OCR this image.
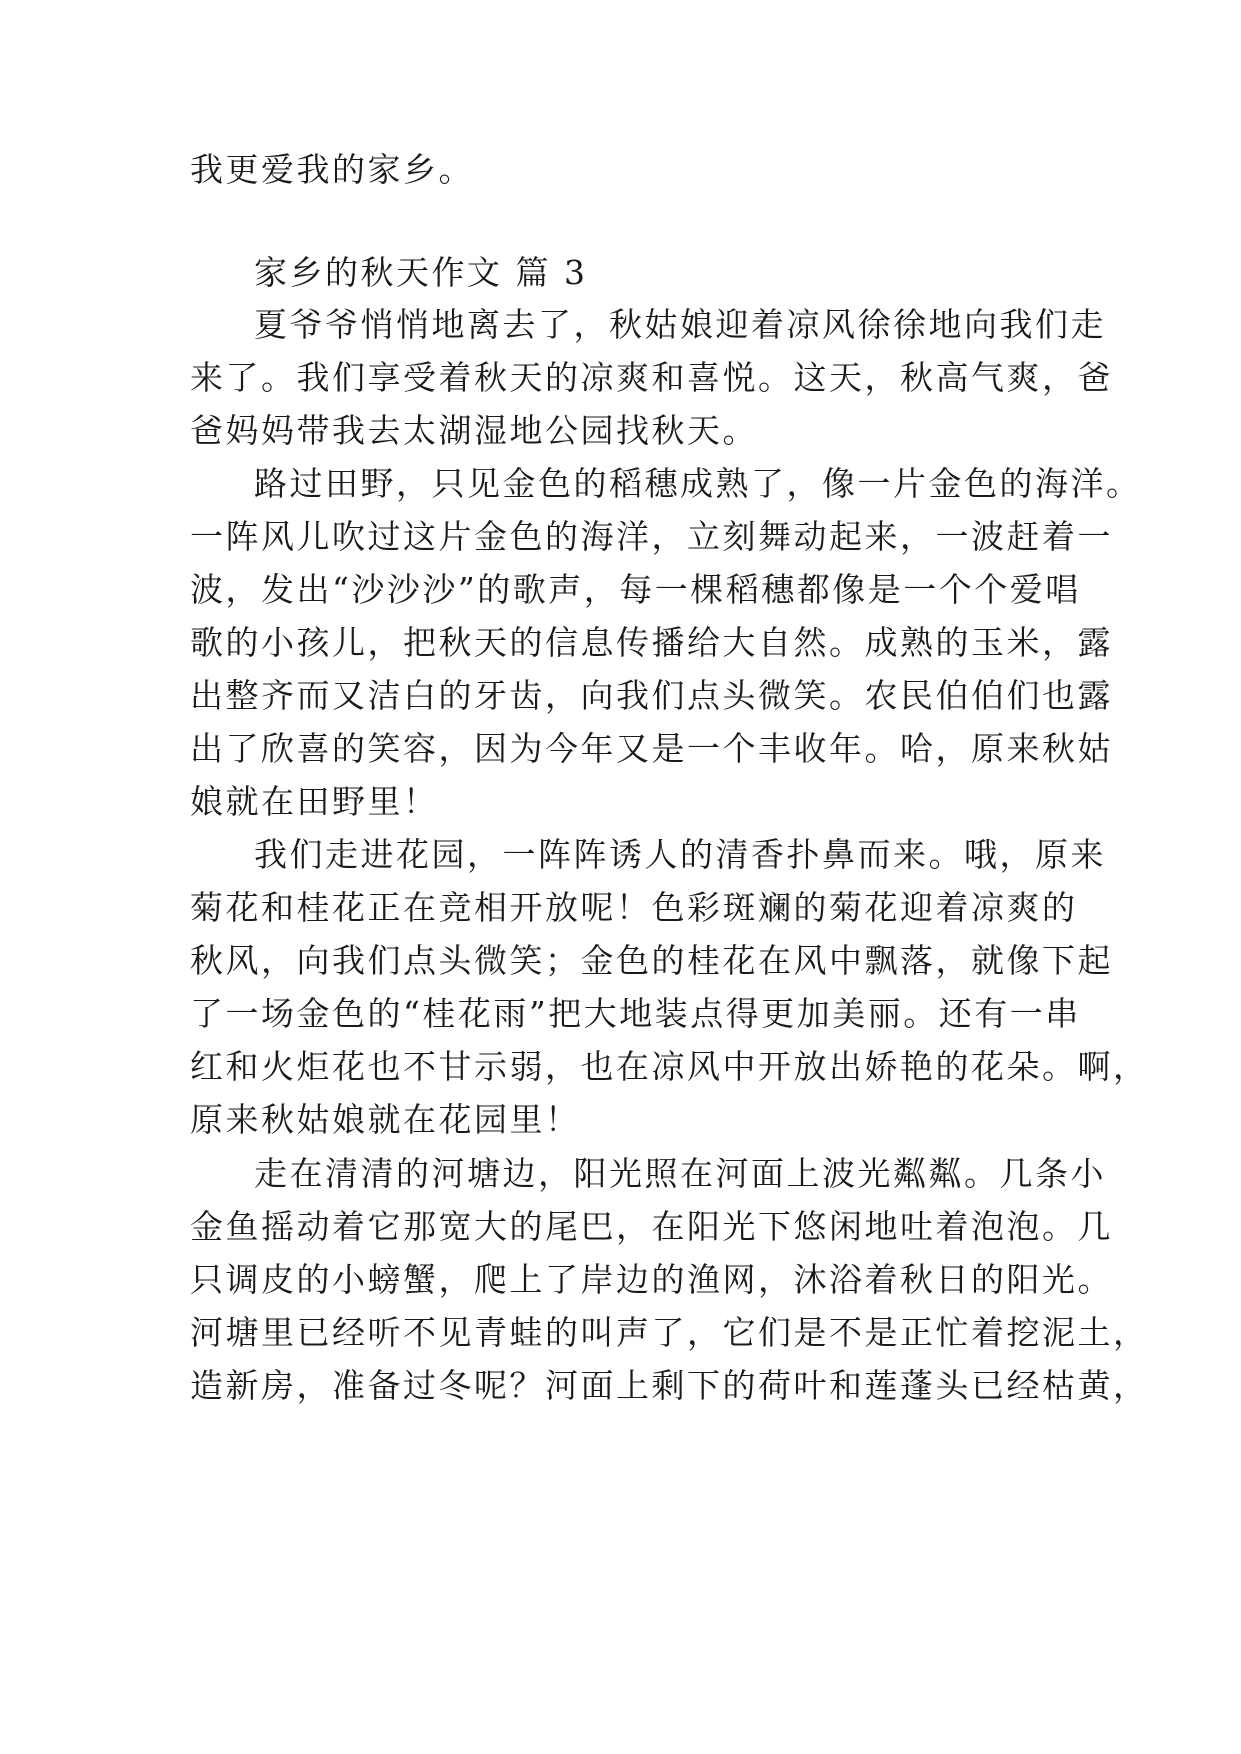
我更爱我的家乡。
家乡的秋天作文 篇 3
夏爷爷悄悄地离去了，秋姑娘迎着凉风徐徐地向我们走
来了。我们享受着秋天的凉爽和喜悦。这天，秋高气爽，爸
爸妈妈带我去太湖湿地公园找秋天。
路过田野，只见金色的稻穗成熟了，像一片金色的海洋。
一阵风儿吹过这片金色的海洋，立刻舞动起来，一波赶着一
波，发出“沙沙沙”的歌声，每一棵稻穗都像是一个个爱唱
歌的小孩儿，把秋天的信息传播给大自然。成熟的玉米，露
出整齐而又洁白的牙齿，向我们点头微笑。农民伯伯们也露
出了欣喜的笑容，因为今年又是一个丰收年。哈，原来秋姑
娘就在田野里！
我们走进花园，一阵阵诱人的清香扑鼻而来。哦，原来
菊花和桂花正在竞相开放呢！色彩斑斓的菊花迎着凉爽的
秋风，向我们点头微笑；金色的桂花在风中飘落，就像下起
了一场金色的“桂花雨”把大地装点得更加美丽。还有一串
红和火炬花也不甘示弱，也在凉风中开放出娇艳的花朵。啊，
原来秋姑娘就在花园里！
走在清清的河塘边，阳光照在河面上波光粼粼。几条小
金鱼摇动着它那宽大的尾巴，在阳光下悠闲地吐着泡泡。几
只调皮的小螃蟹，爬上了岸边的渔网，沐浴着秋日的阳光。
河塘里已经听不见青蛙的叫声了，它们是不是正忙着挖泥土，
造新房，准备过冬呢？河面上剩下的荷叶和莲蓬头已经枯黄，
